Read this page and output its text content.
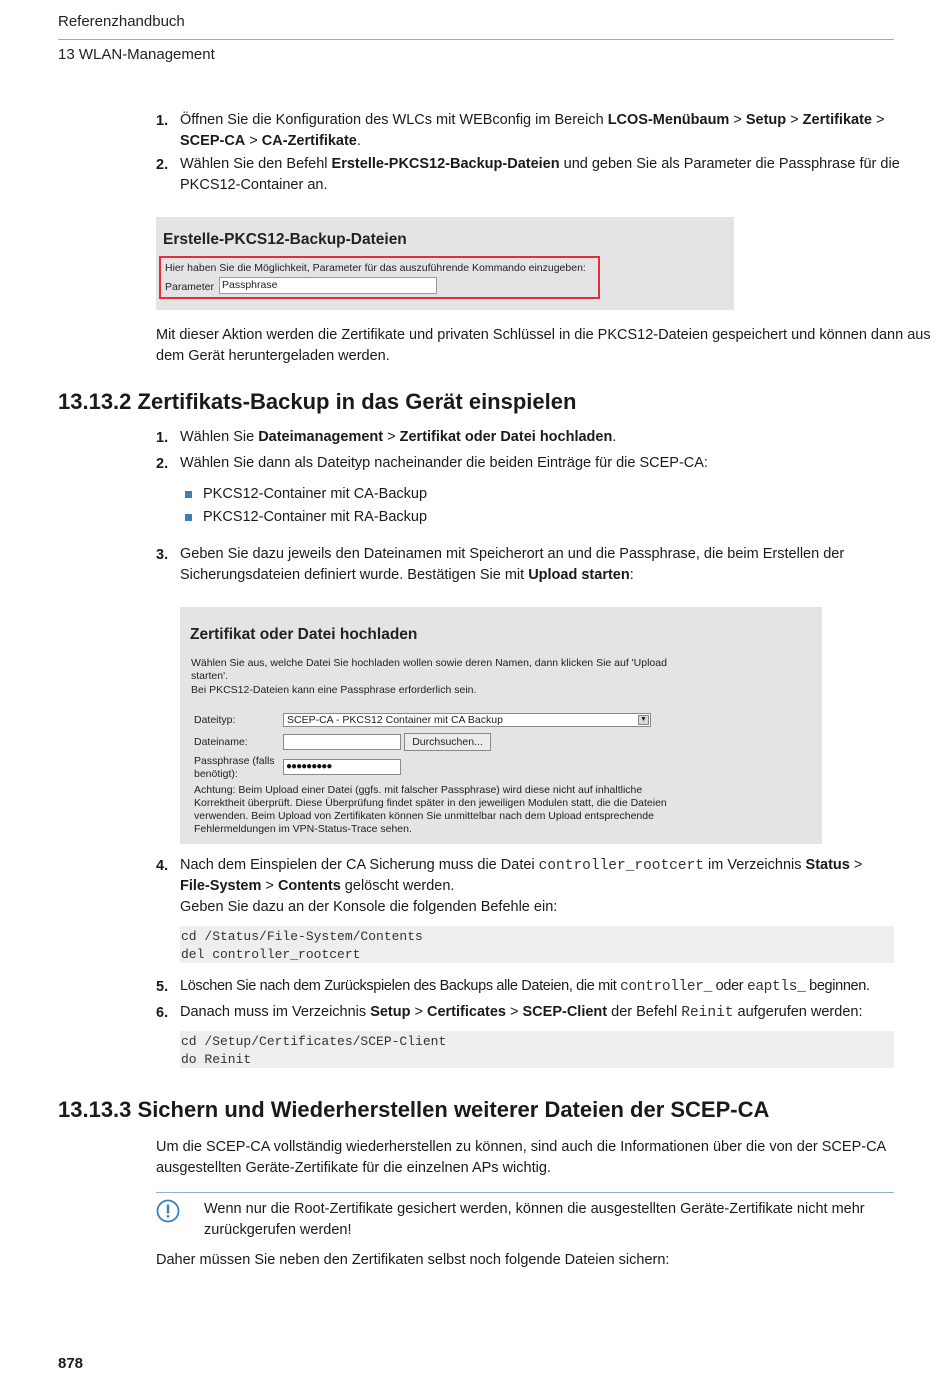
Referenzhandbuch
13 WLAN-Management
1. Öffnen Sie die Konfiguration des WLCs mit WEBconfig im Bereich LCOS-Menübaum > Setup > Zertifikate >
SCEP-CA > CA-Zertifikate.
2. Wählen Sie den Befehl Erstelle-PKCS12-Backup-Dateien und geben Sie als Parameter die Passphrase für die
PKCS12-Container an.
Erstelle-PKCS12-Backup-Dateien
Hier haben Sie die Möglichkeit, Parameter für das auszuführende Kommando einzugeben:
Parameter Passphrase
Mit dieser Aktion werden die Zertifikate und privaten Schlüssel in die PKCS12-Dateien gespeichert und können dann aus
dem Gerät heruntergeladen werden.
13.13.2 Zertifikats-Backup in das Gerät einspielen
1. Wählen Sie Dateimanagement > Zertifikat oder Datei hochladen.
2. Wählen Sie dann als Dateityp nacheinander die beiden Einträge für die SCEP-CA:
PKCS12-Container mit CA-Backup
PKCS12-Container mit RA-Backup
3. Geben Sie dazu jeweils den Dateinamen mit Speicherort an und die Passphrase, die beim Erstellen der
Sicherungsdateien definiert wurde. Bestätigen Sie mit Upload starten:
Zertifikat oder Datei hochladen
Wählen Sie aus, welche Datei Sie hochladen wollen sowie deren Namen, dann klicken Sie auf 'Upload
starten'.
Bei PKCS12-Dateien kann eine Passphrase erforderlich sein.
Dateityp:	SCEP-CA - PKCS12 Container mit CA Backup	▼
Dateiname:	Durchsuchen...
Passphrase (falls
benötigt):
●●●●●●●●●
Achtung: Beim Upload einer Datei (ggfs. mit falscher Passphrase) wird diese nicht auf inhaltliche
Korrektheit überprüft. Diese Überprüfung findet später in den jeweiligen Modulen statt, die die Dateien
verwenden. Beim Upload von Zertifikaten können Sie unmittelbar nach dem Upload entsprechende
Fehlermeldungen im VPN-Status-Trace sehen.
4. Nach dem Einspielen der CA Sicherung muss die Datei controller_rootcert im Verzeichnis Status >
File-System > Contents gelöscht werden.
Geben Sie dazu an der Konsole die folgenden Befehle ein:
cd /Status/File-System/Contents
del controller_rootcert
5. Löschen Sie nach dem Zurückspielen des Backups alle Dateien, die mit controller_ oder eaptls_ beginnen.
6. Danach muss im Verzeichnis Setup > Certificates > SCEP-Client der Befehl Reinit aufgerufen werden:
cd /Setup/Certificates/SCEP-Client
do Reinit
13.13.3 Sichern und Wiederherstellen weiterer Dateien der SCEP-CA
Um die SCEP-CA vollständig wiederherstellen zu können, sind auch die Informationen über die von der SCEP-CA
ausgestellten Geräte-Zertifikate für die einzelnen APs wichtig.
Wenn nur die Root-Zertifikate gesichert werden, können die ausgestellten Geräte-Zertifikate nicht mehr
zurückgerufen werden!
Daher müssen Sie neben den Zertifikaten selbst noch folgende Dateien sichern:
878
